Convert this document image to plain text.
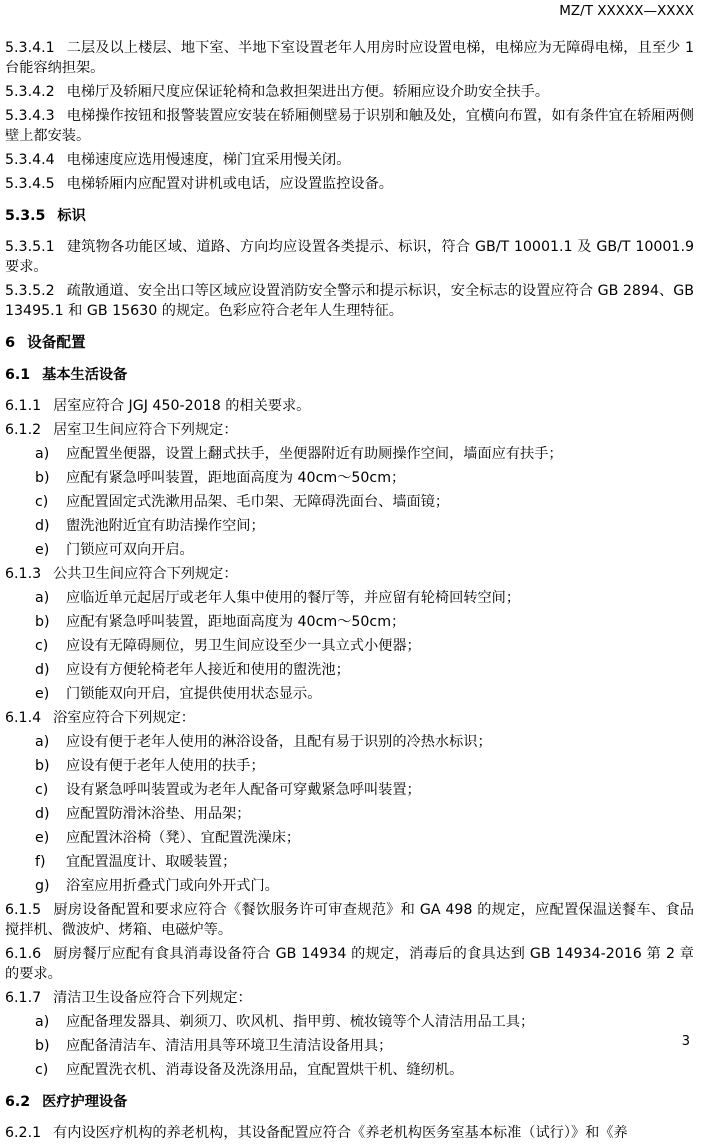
MZ/T XXXXX—XXXX
5.3.4.1 二层及以上楼层、地下室、半地下室设置老年人用房时应设置电梯，电梯应为无障碍电梯，且至少 1 台能容纳担架。
5.3.4.2 电梯厅及轿厢尺度应保证轮椅和急救担架进出方便。轿厢应设介助安全扶手。
5.3.4.3 电梯操作按钮和报警装置应安装在轿厢侧壁易于识别和触及处，宜横向布置，如有条件宜在轿厢两侧壁上都安装。
5.3.4.4 电梯速度应选用慢速度，梯门宜采用慢关闭。
5.3.4.5 电梯轿厢内应配置对讲机或电话，应设置监控设备。
5.3.5 标识
5.3.5.1 建筑物各功能区域、道路、方向均应设置各类提示、标识，符合 GB/T 10001.1 及 GB/T 10001.9 要求。
5.3.5.2 疏散通道、安全出口等区域应设置消防安全警示和提示标识，安全标志的设置应符合 GB 2894、GB 13495.1 和 GB 15630 的规定。色彩应符合老年人生理特征。
6 设备配置
6.1 基本生活设备
6.1.1 居室应符合 JGJ 450-2018 的相关要求。
6.1.2 居室卫生间应符合下列规定：
a) 应配置坐便器，设置上翻式扶手，坐便器附近有助厕操作空间，墙面应有扶手；
b) 应配有紧急呼叫装置，距地面高度为 40cm～50cm；
c) 应配置固定式洗漱用品架、毛巾架、无障碍洗面台、墙面镜；
d) 盥洗池附近宜有助洁操作空间；
e) 门锁应可双向开启。
6.1.3 公共卫生间应符合下列规定：
a) 应临近单元起居厅或老年人集中使用的餐厅等，并应留有轮椅回转空间；
b) 应配有紧急呼叫装置，距地面高度为 40cm～50cm；
c) 应设有无障碍厕位，男卫生间应设至少一具立式小便器；
d) 应设有方便轮椅老年人接近和使用的盥洗池；
e) 门锁能双向开启，宜提供使用状态显示。
6.1.4 浴室应符合下列规定：
a) 应设有便于老年人使用的淋浴设备，且配有易于识别的冷热水标识；
b) 应设有便于老年人使用的扶手；
c) 设有紧急呼叫装置或为老年人配备可穿戴紧急呼叫装置；
d) 应配置防滑沐浴垫、用品架；
e) 应配置沐浴椅（凳）、宜配置洗澡床；
f) 宜配置温度计、取暖装置；
g) 浴室应用折叠式门或向外开式门。
6.1.5 厨房设备配置和要求应符合《餐饮服务许可审查规范》和 GA 498 的规定，应配置保温送餐车、食品搅拌机、微波炉、烤箱、电磁炉等。
6.1.6 厨房餐厅应配有食具消毒设备符合 GB 14934 的规定，消毒后的食具达到 GB 14934-2016 第 2 章的要求。
6.1.7 清洁卫生设备应符合下列规定：
a) 应配备理发器具、剃须刀、吹风机、指甲剪、梳妆镜等个人清洁用品工具；
b) 应配备清洁车、清洁用具等环境卫生清洁设备用具；
c) 应配置洗衣机、消毒设备及洗涤用品，宜配置烘干机、缝纫机。
6.2 医疗护理设备
6.2.1 有内设医疗机构的养老机构，其设备配置应符合《养老机构医务室基本标准（试行）》和《养
3
